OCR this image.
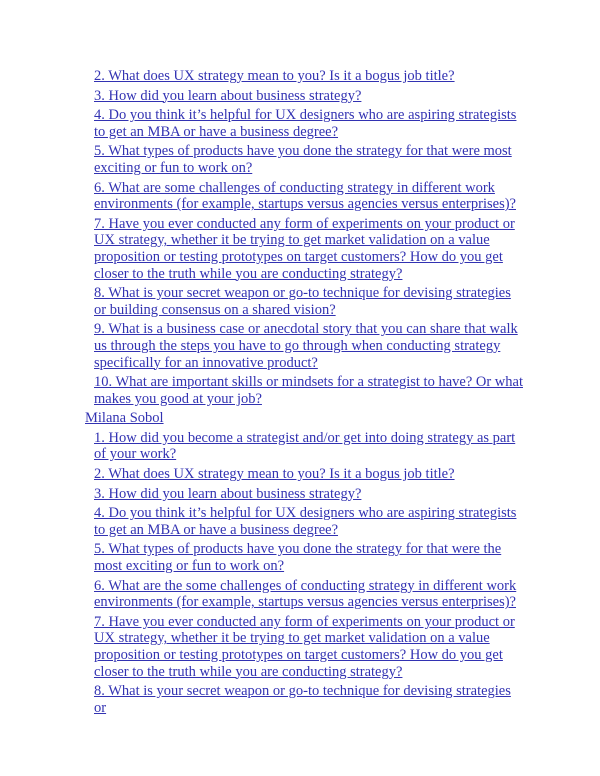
2. What does UX strategy mean to you? Is it a bogus job title?
3. How did you learn about business strategy?
4. Do you think it’s helpful for UX designers who are aspiring strategists to get an MBA or have a business degree?
5. What types of products have you done the strategy for that were most exciting or fun to work on?
6. What are some challenges of conducting strategy in different work environments (for example, startups versus agencies versus enterprises)?
7. Have you ever conducted any form of experiments on your product or UX strategy, whether it be trying to get market validation on a value proposition or testing prototypes on target customers? How do you get closer to the truth while you are conducting strategy?
8. What is your secret weapon or go-to technique for devising strategies or building consensus on a shared vision?
9. What is a business case or anecdotal story that you can share that walk us through the steps you have to go through when conducting strategy specifically for an innovative product?
10. What are important skills or mindsets for a strategist to have? Or what makes you good at your job?
Milana Sobol
1. How did you become a strategist and/or get into doing strategy as part of your work?
2. What does UX strategy mean to you? Is it a bogus job title?
3. How did you learn about business strategy?
4. Do you think it’s helpful for UX designers who are aspiring strategists to get an MBA or have a business degree?
5. What types of products have you done the strategy for that were the most exciting or fun to work on?
6. What are the some challenges of conducting strategy in different work environments (for example, startups versus agencies versus enterprises)?
7. Have you ever conducted any form of experiments on your product or UX strategy, whether it be trying to get market validation on a value proposition or testing prototypes on target customers? How do you get closer to the truth while you are conducting strategy?
8. What is your secret weapon or go-to technique for devising strategies or
